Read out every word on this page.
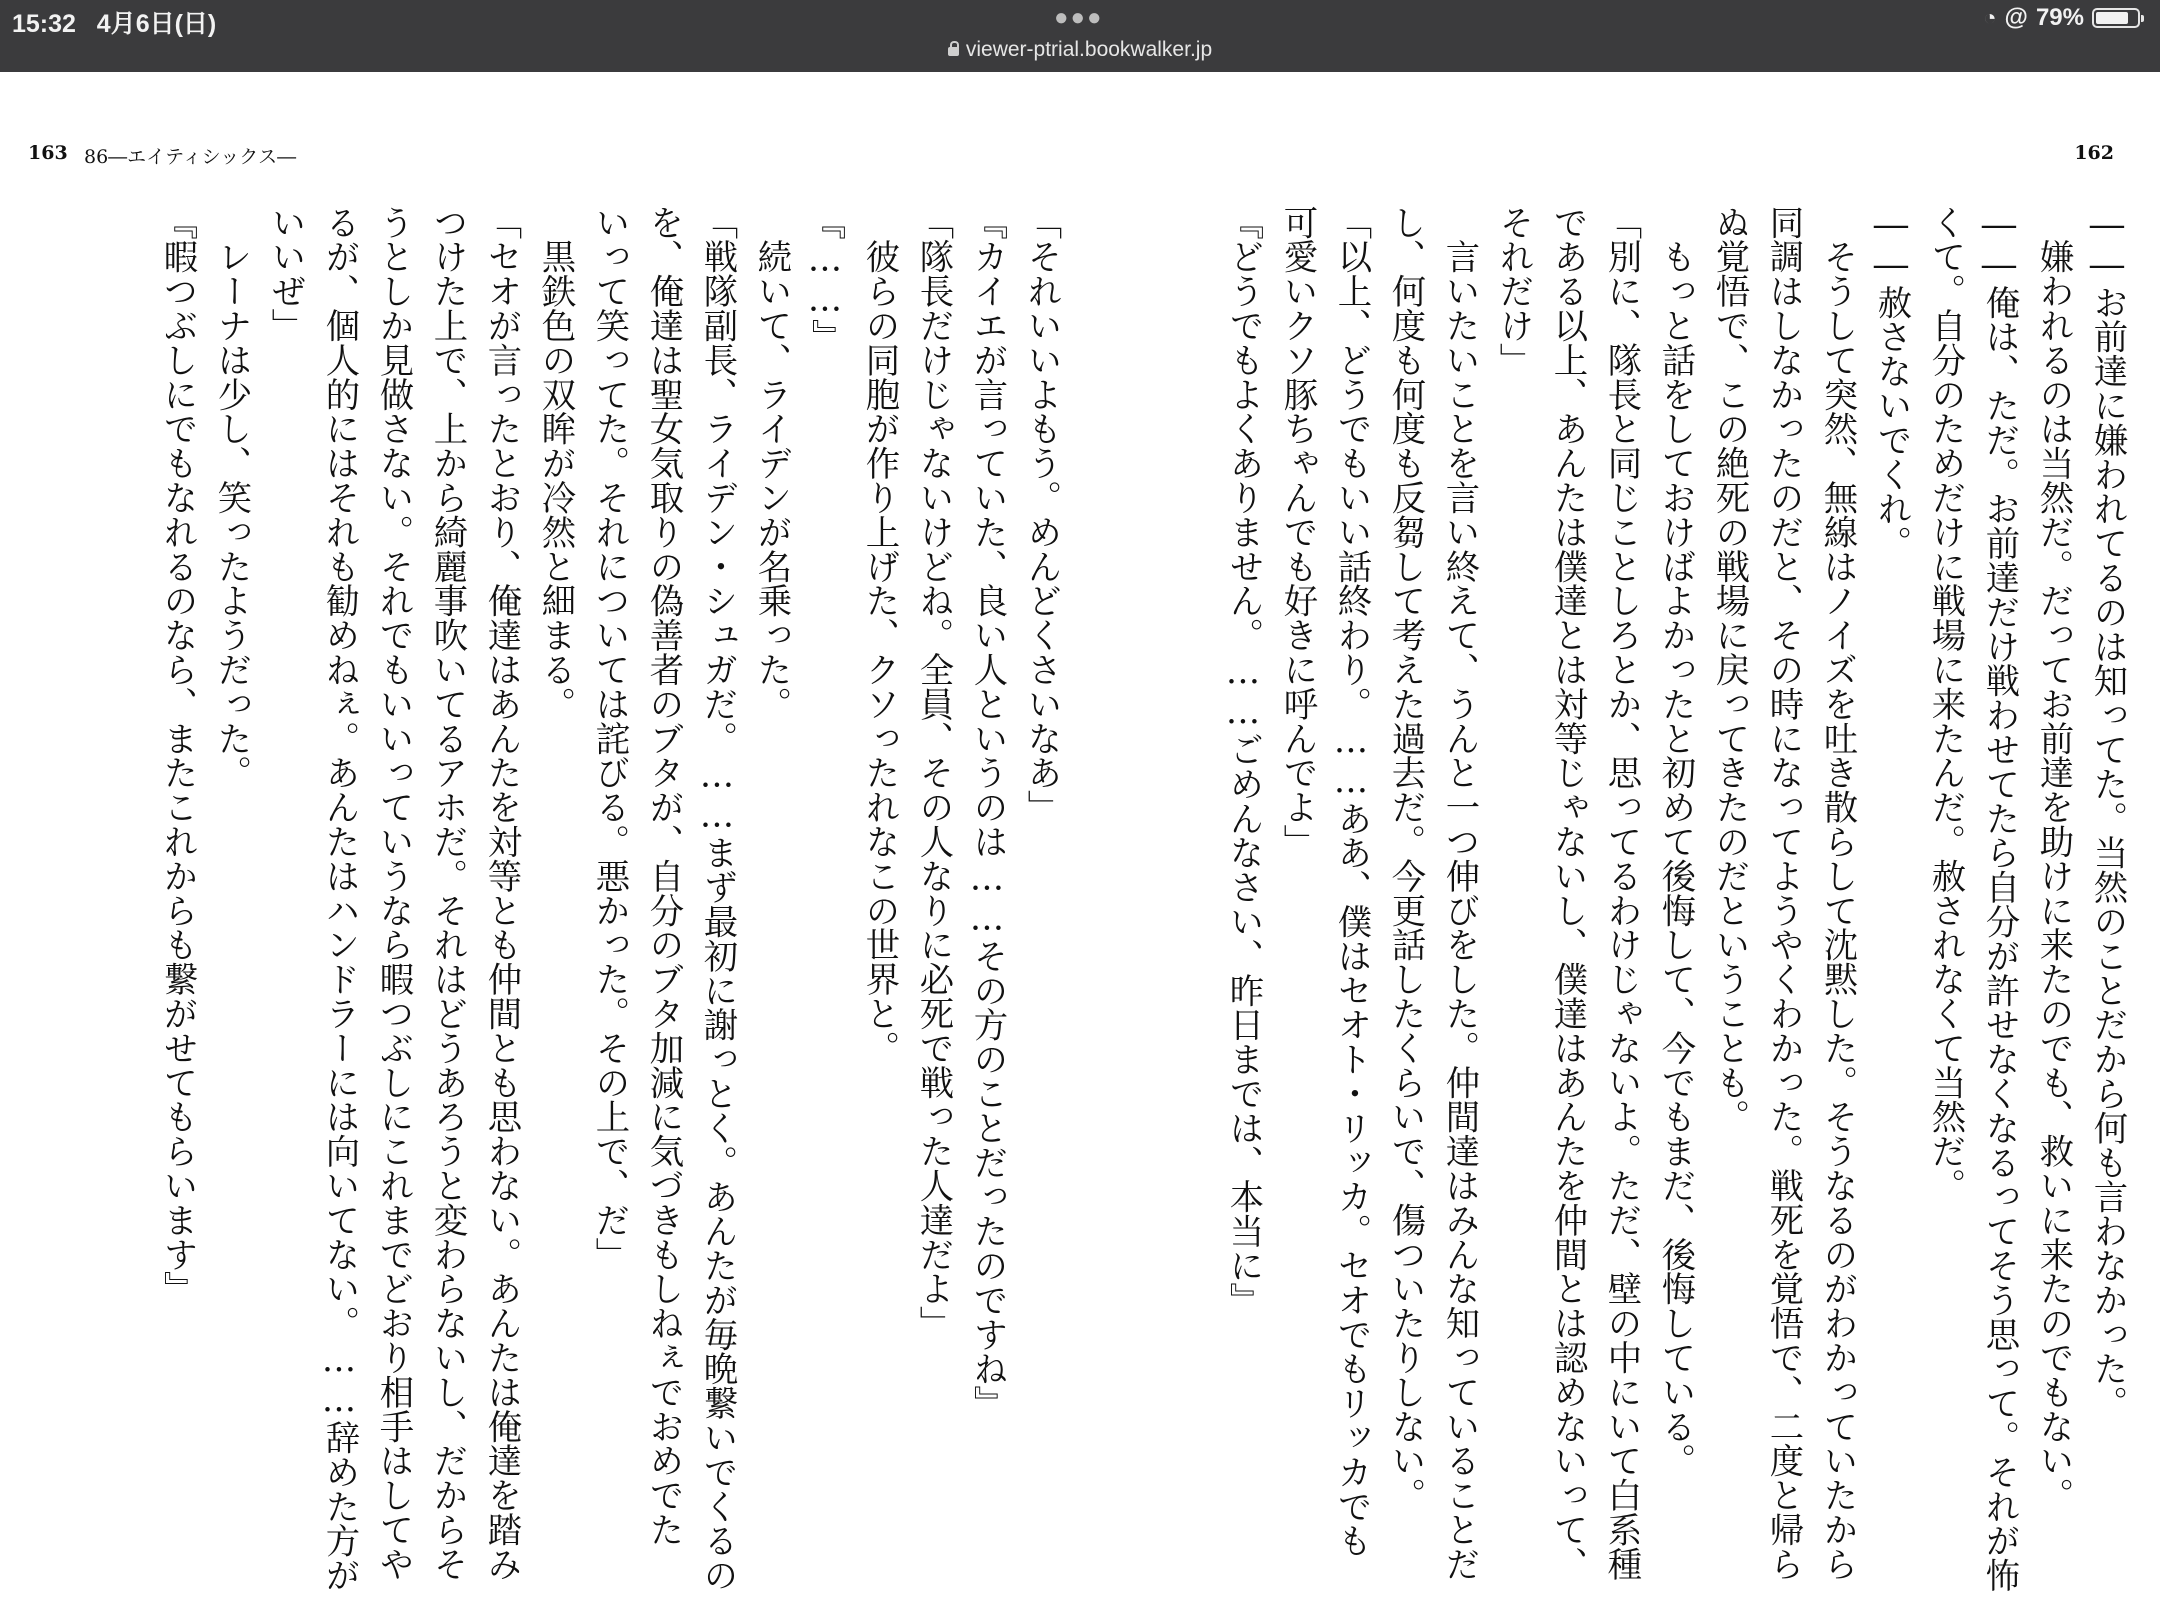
15:32 4月6日(日)	●●●
viewer-ptrial.bookwalker.jp
◔ @ 79%
163 86―エイティシックス―	162
――お前達に嫌われてるのは知ってた。当然のことだから何も言わなかった。
　嫌われるのは当然だ。だってお前達を助けに来たのでも、救いに来たのでもない。
――俺は、ただ。お前達だけ戦わせてたら自分が許せなくなるってそう思って。それが怖
くて。自分のためだけに戦場に来たんだ。赦されなくて当然だ。
――赦さないでくれ。
　そうして突然、無線はノイズを吐き散らして沈黙した。そうなるのがわかっていたから
同調はしなかったのだと、その時になってようやくわかった。戦死を覚悟で、二度と帰ら
ぬ覚悟で、この絶死の戦場に戻ってきたのだということも。
　もっと話をしておけばよかったと初めて後悔して、今でもまだ、後悔している。
「別に、隊長と同じことしろとか、思ってるわけじゃないよ。ただ、壁の中にいて白系種
である以上、あんたは僕達とは対等じゃないし、僕達はあんたを仲間とは認めないって、
それだけ」
　言いたいことを言い終えて、うんと一つ伸びをした。仲間達はみんな知っていることだ
し、何度も何度も反芻して考えた過去だ。今更話したくらいで、傷ついたりしない。
「以上、どうでもいい話終わり。……ああ、僕はセオト・リッカ。セオでもリッカでも
可愛いクソ豚ちゃんでも好きに呼んでよ」
『どうでもよくありません。……ごめんなさい、昨日までは、本当に』

「それいいよもう。めんどくさいなあ」
『カイエが言っていた、良い人というのは……その方のことだったのですね』
「隊長だけじゃないけどね。全員、その人なりに必死で戦った人達だよ」
　彼らの同胞が作り上げた、クソったれなこの世界と。
『……』
　続いて、ライデンが名乗った。
「戦隊副長、ライデン・シュガだ。……まず最初に謝っとく。あんたが毎晩繋いでくるの
を、俺達は聖女気取りの偽善者のブタが、自分のブタ加減に気づきもしねぇでおめでた
いって笑ってた。それについては詫びる。悪かった。その上で、だ」
　黒鉄色の双眸が冷然と細まる。
「セオが言ったとおり、俺達はあんたを対等とも仲間とも思わない。あんたは俺達を踏み
つけた上で、上から綺麗事吹いてるアホだ。それはどうあろうと変わらないし、だからそ
うとしか見做さない。それでもいいっていうなら暇つぶしにこれまでどおり相手はしてや
るが、個人的にはそれも勧めねぇ。あんたはハンドラーには向いてない。……辞めた方が
いいぜ」
　レーナは少し、笑ったようだった。
『暇つぶしにでもなれるのなら、またこれからも繋がせてもらいます』
